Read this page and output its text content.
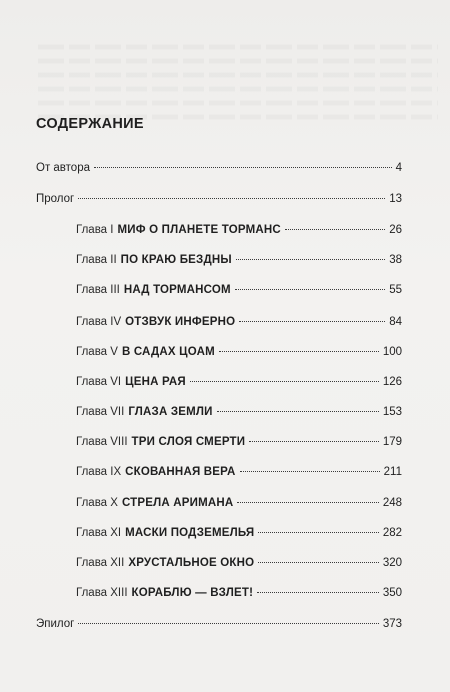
СОДЕРЖАНИЕ
От автора	4
Пролог	13
Глава I МИФ О ПЛАНЕТЕ ТОРМАНС	26
Глава II ПО КРАЮ БЕЗДНЫ	38
Глава III НАД ТОРМАНСОМ	55
Глава IV ОТЗВУК ИНФЕРНО	84
Глава V В САДАХ ЦОАМ	100
Глава VI ЦЕНА РАЯ	126
Глава VII ГЛАЗА ЗЕМЛИ	153
Глава VIII ТРИ СЛОЯ СМЕРТИ	179
Глава IX СКОВАННАЯ ВЕРА	211
Глава X СТРЕЛА АРИМАНА	248
Глава XI МАСКИ ПОДЗЕМЕЛЬЯ	282
Глава XII ХРУСТАЛЬНОЕ ОКНО	320
Глава XIII КОРАБЛЮ — ВЗЛЕТ!	350
Эпилог	373
